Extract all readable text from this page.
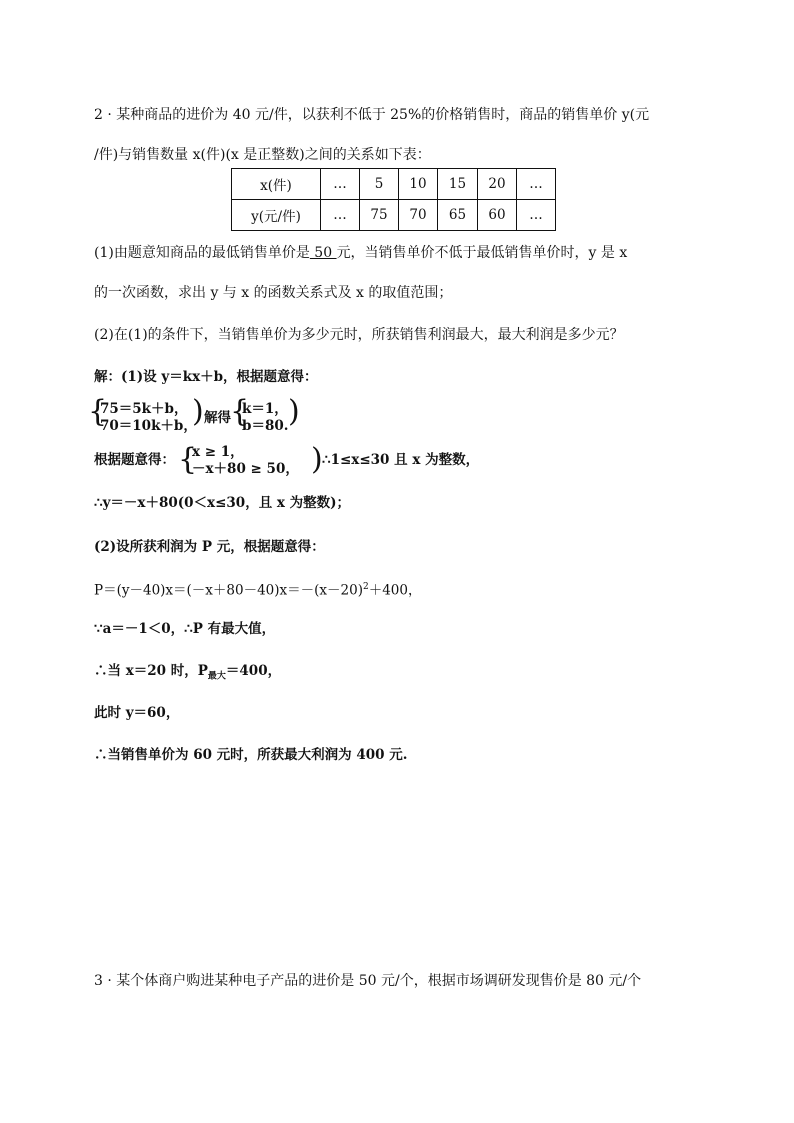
2 · 某种商品的进价为 40 元/件，以获利不低于 25%的价格销售时，商品的销售单价 y(元
/件)与销售数量 x(件)(x 是正整数)之间的关系如下表：
x(件)	…	5	10	15	20	…
y(元/件)	…	75	70	65	60	…
(1)由题意知商品的最低销售单价是 50 元，当销售单价不低于最低销售单价时，y 是 x
的一次函数，求出 y 与 x 的函数关系式及 x 的取值范围；
(2)在(1)的条件下，当销售单价为多少元时，所获销售利润最大，最大利润是多少元？
解：(1)设 y＝kx＋b，根据题意得：
{
75＝5k＋b，
70＝10k＋b，
) 解得 {
k＝1，
b＝80. )
根据题意得： {
x ≥ 1，
－x＋80 ≥ 50， ) ∴1≤x≤30 且 x 为整数，
∴y＝－x＋80(0＜x≤30，且 x 为整数)；
(2)设所获利润为 P 元，根据题意得：
$P=(y-40)x=(-x+80-40)x=-(x-20)^2+400$，
∵a＝－1＜0，∴P 有最大值，
∴当 x＝20 时，$P_{最大}=400$，
此时 y＝60，
∴当销售单价为 60 元时，所获最大利润为 400 元.
3 · 某个体商户购进某种电子产品的进价是 50 元/个，根据市场调研发现售价是 80 元/个
